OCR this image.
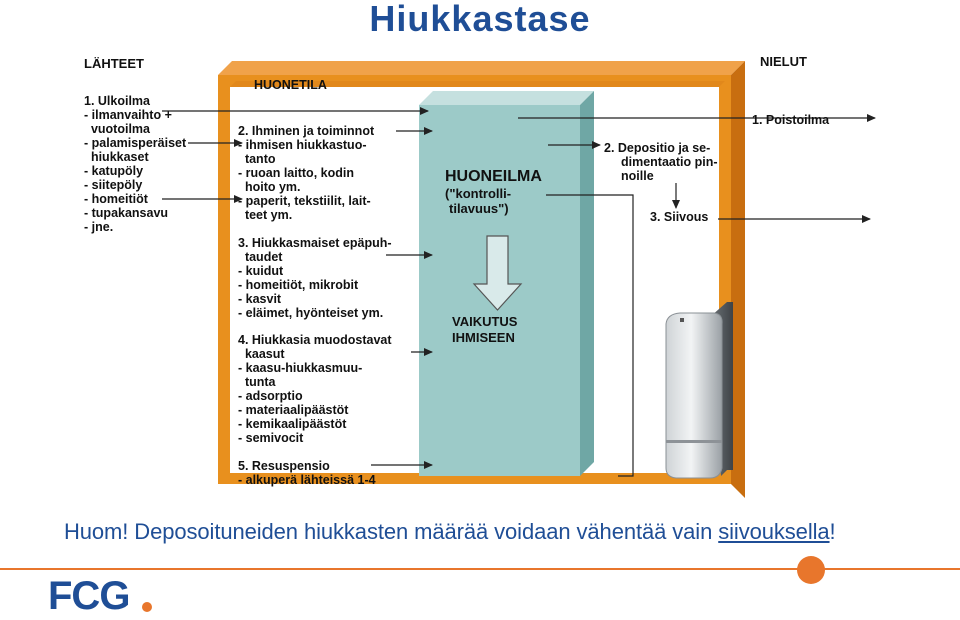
Hiukkastase
LÄHTEET
1. Ulkoilma
- ilmanvaihto +
vuotoilma
- palamisperäiset
hiukkaset
- katupöly
- siitepöly
- homeitiöt
- tupakansavu
- jne.
HUONETILA
2. Ihminen ja toiminnot
- ihmisen hiukkastuo-
tanto
- ruoan laitto, kodin
hoito ym.
- paperit, tekstiilit, lait-
teet ym.
3. Hiukkasmaiset epäpuh-
taudet
- kuidut
- homeitiöt, mikrobit
- kasvit
- eläimet, hyönteiset ym.
4. Hiukkasia muodostavat
kaasut
- kaasu-hiukkasmuu-
tunta
- adsorptio
- materiaalipäästöt
- kemikaalipäästöt
- semivocit
5. Resuspensio
- alkuperä lähteissä 1-4
HUONEILMA
("kontrolli-
tilavuus")
VAIKUTUS
IHMISEEN
NIELUT
1. Poistoilma
2. Depositio ja se-
dimentaatio pin-
noille
3. Siivous
Huom! Deposoituneiden hiukkasten määrää voidaan vähentää vain siivouksella!
FCG
